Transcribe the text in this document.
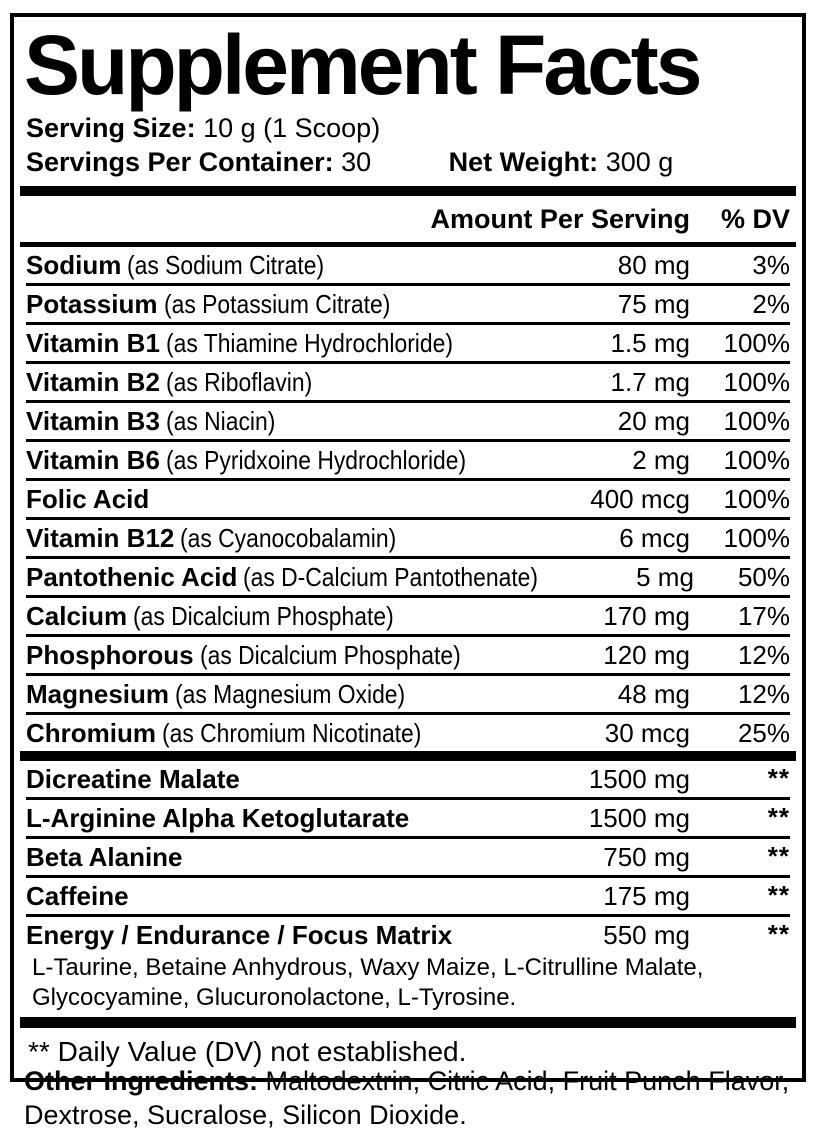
Supplement Facts
Serving Size: 10 g (1 Scoop)
Servings Per Container: 30	Net Weight: 300 g
Amount Per Serving	% DV
Sodium (as Sodium Citrate)	80 mg	3%
Potassium (as Potassium Citrate)	75 mg	2%
Vitamin B1 (as Thiamine Hydrochloride)	1.5 mg	100%
Vitamin B2 (as Riboflavin)	1.7 mg	100%
Vitamin B3 (as Niacin)	20 mg	100%
Vitamin B6 (as Pyridxoine Hydrochloride)	2 mg	100%
Folic Acid	400 mcg	100%
Vitamin B12 (as Cyanocobalamin)	6 mcg	100%
Pantothenic Acid (as D-Calcium Pantothenate)	5 mg	50%
Calcium (as Dicalcium Phosphate)	170 mg	17%
Phosphorous (as Dicalcium Phosphate)	120 mg	12%
Magnesium (as Magnesium Oxide)	48 mg	12%
Chromium (as Chromium Nicotinate)	30 mcg	25%
Dicreatine Malate	1500 mg	**
L-Arginine Alpha Ketoglutarate	1500 mg	**
Beta Alanine	750 mg	**
Caffeine	175 mg	**
Energy / Endurance / Focus Matrix	550 mg	**
L-Taurine, Betaine Anhydrous, Waxy Maize, L-Citrulline Malate, Glycocyamine, Glucuronolactone, L-Tyrosine.
** Daily Value (DV) not established.
Other Ingredients: Maltodextrin, Citric Acid, Fruit Punch Flavor, Dextrose, Sucralose, Silicon Dioxide.
